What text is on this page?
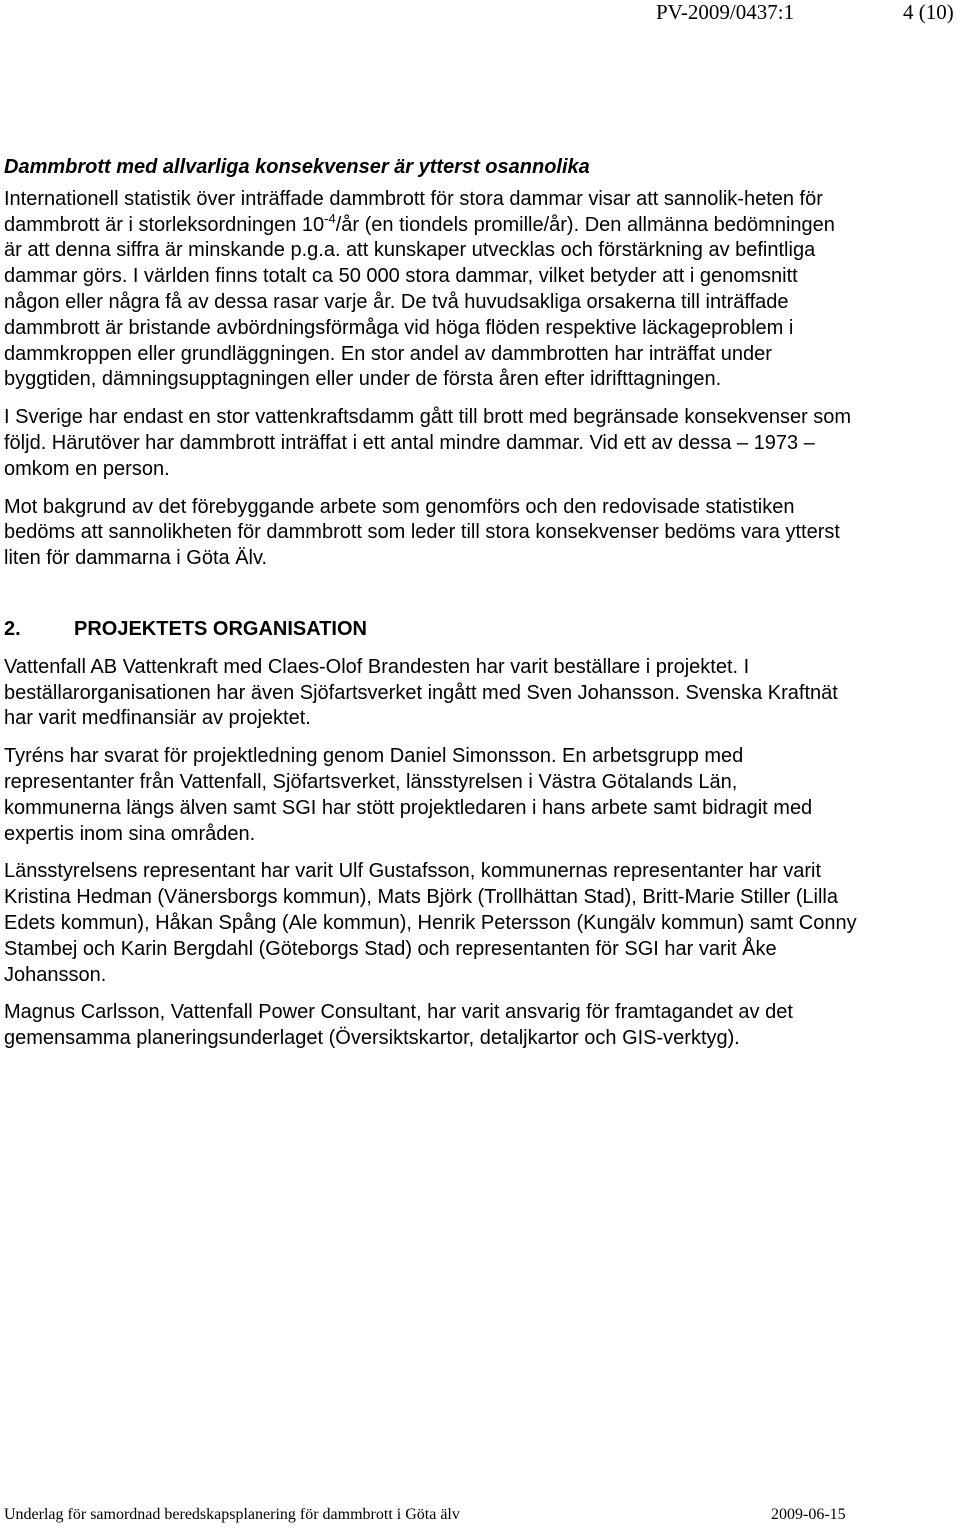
PV-2009/0437:1	4 (10)

Dammbrott med allvarliga konsekvenser är ytterst osannolika

Internationell statistik över inträffade dammbrott för stora dammar visar att sannolik-heten för dammbrott är i storleksordningen $10^{-4}/år$ (en tiondels promille/år). Den allmänna bedömningen är att denna siffra är minskande p.g.a. att kunskaper utvecklas och förstärkning av befintliga dammar görs. I världen finns totalt ca 50 000 stora dammar, vilket betyder att i genomsnitt någon eller några få av dessa rasar varje år. De två huvudsakliga orsakerna till inträffade dammbrott är bristande avbördningsförmåga vid höga flöden respektive läckageproblem i dammkroppen eller grundläggningen. En stor andel av dammbrotten har inträffat under byggtiden, dämningsupptagningen eller under de första åren efter idrifttagningen.

I Sverige har endast en stor vattenkraftsdamm gått till brott med begränsade konsekvenser som följd. Härutöver har dammbrott inträffat i ett antal mindre dammar. Vid ett av dessa – 1973 – omkom en person.

Mot bakgrund av det förebyggande arbete som genomförs och den redovisade statistiken bedöms att sannolikheten för dammbrott som leder till stora konsekvenser bedöms vara ytterst liten för dammarna i Göta Älv.

2.	PROJEKTETS ORGANISATION

Vattenfall AB Vattenkraft med Claes-Olof Brandesten har varit beställare i projektet. I beställarorganisationen har även Sjöfartsverket ingått med Sven Johansson. Svenska Kraftnät har varit medfinansiär av projektet.

Tyréns har svarat för projektledning genom Daniel Simonsson. En arbetsgrupp med representanter från Vattenfall, Sjöfartsverket, länsstyrelsen i Västra Götalands Län, kommunerna längs älven samt SGI har stött projektledaren i hans arbete samt bidragit med expertis inom sina områden.

Länsstyrelsens representant har varit Ulf Gustafsson, kommunernas representanter har varit Kristina Hedman (Vänersborgs kommun), Mats Björk (Trollhättan Stad), Britt-Marie Stiller (Lilla Edets kommun), Håkan Spång (Ale kommun), Henrik Petersson (Kungälv kommun) samt Conny Stambej och Karin Bergdahl (Göteborgs Stad) och representanten för SGI har varit Åke Johansson.

Magnus Carlsson, Vattenfall Power Consultant, har varit ansvarig för framtagandet av det gemensamma planeringsunderlaget (Översiktskartor, detaljkartor och GIS-verktyg).

Underlag för samordnad beredskapsplanering för dammbrott i Göta älv	2009-06-15
